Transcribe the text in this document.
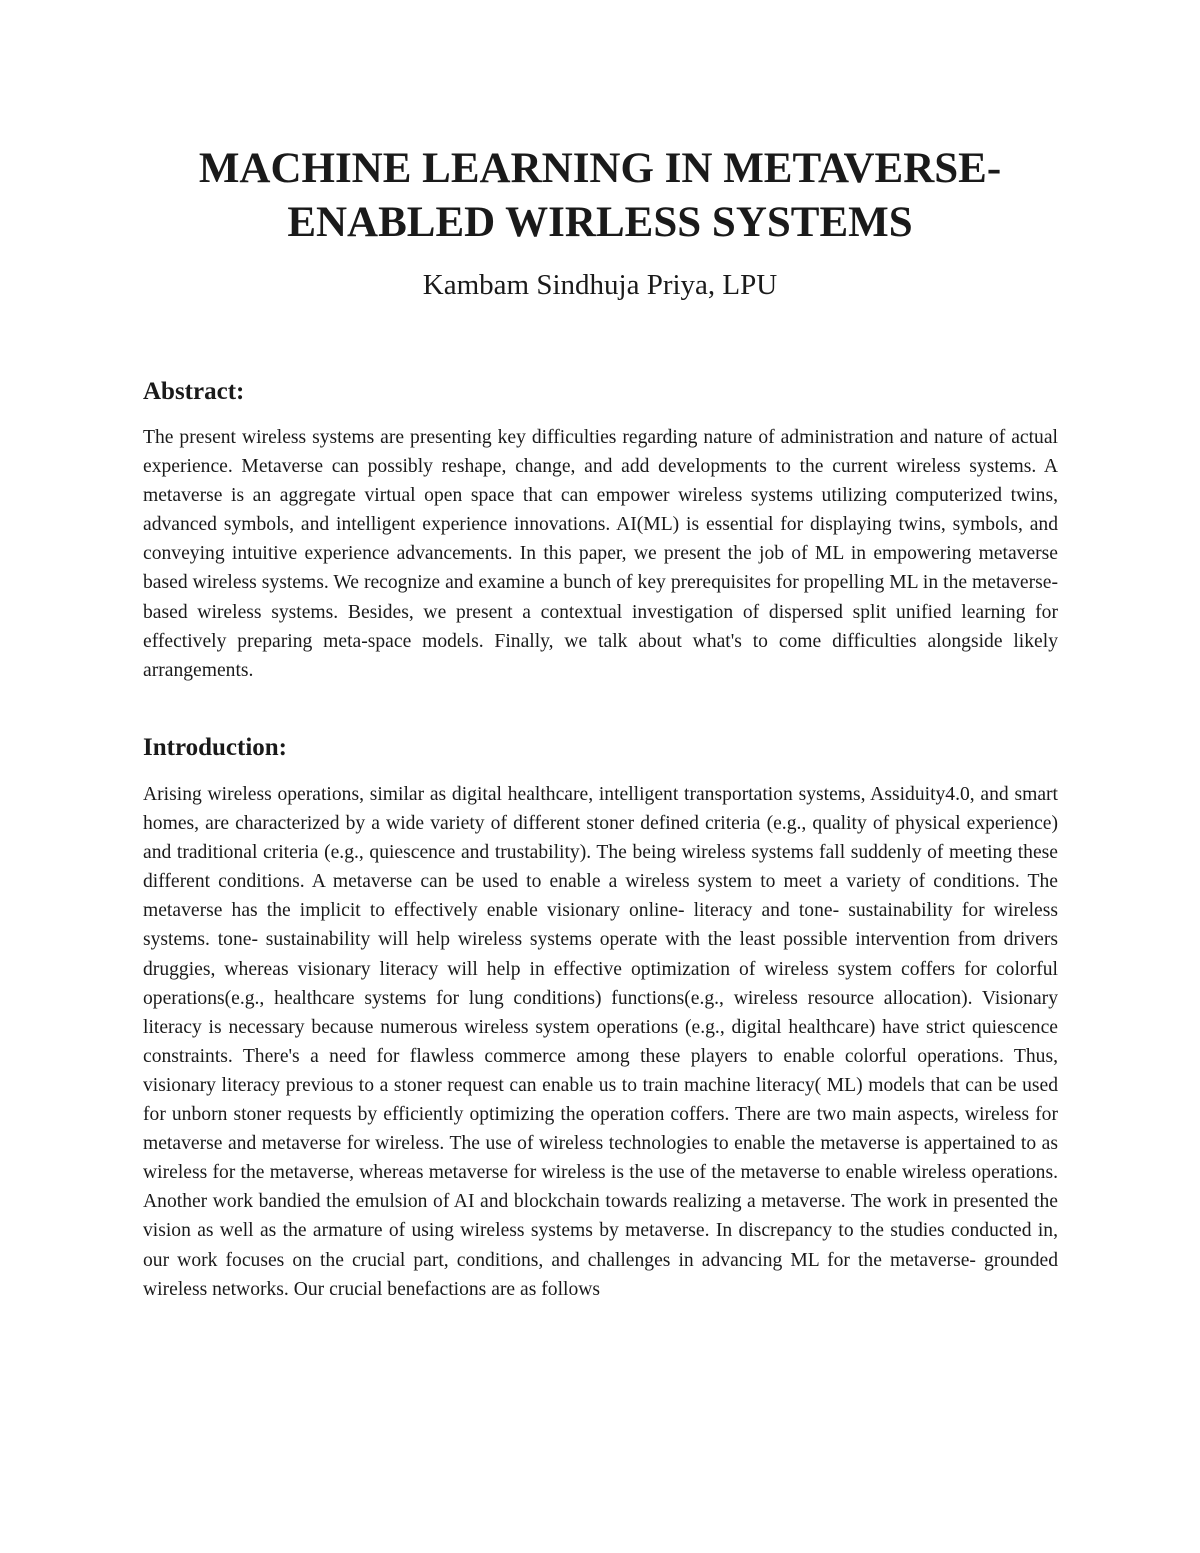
MACHINE LEARNING IN METAVERSE-
ENABLED WIRLESS SYSTEMS

Kambam Sindhuja Priya, LPU

Abstract:

The present wireless systems are presenting key difficulties regarding nature of administration and nature of actual experience. Metaverse can possibly reshape, change, and add developments to the current wireless systems. A metaverse is an aggregate virtual open space that can empower wireless systems utilizing computerized twins, advanced symbols, and intelligent experience innovations. AI(ML) is essential for displaying twins, symbols, and conveying intuitive experience advancements. In this paper, we present the job of ML in empowering metaverse based wireless systems. We recognize and examine a bunch of key prerequisites for propelling ML in the metaverse-based wireless systems. Besides, we present a contextual investigation of dispersed split unified learning for effectively preparing meta-space models. Finally, we talk about what's to come difficulties alongside likely arrangements.

Introduction:

Arising wireless operations, similar as digital healthcare, intelligent transportation systems, Assiduity4.0, and smart homes, are characterized by a wide variety of different stoner defined criteria (e.g., quality of physical experience) and traditional criteria (e.g., quiescence and trustability). The being wireless systems fall suddenly of meeting these different conditions. A metaverse can be used to enable a wireless system to meet a variety of conditions. The metaverse has the implicit to effectively enable visionary online- literacy and tone- sustainability for wireless systems. tone- sustainability will help wireless systems operate with the least possible intervention from drivers druggies, whereas visionary literacy will help in effective optimization of wireless system coffers for colorful operations(e.g., healthcare systems for lung conditions) functions(e.g., wireless resource allocation). Visionary literacy is necessary because numerous wireless system operations (e.g., digital healthcare) have strict quiescence constraints. There's a need for flawless commerce among these players to enable colorful operations. Thus, visionary literacy previous to a stoner request can enable us to train machine literacy( ML) models that can be used for unborn stoner requests by efficiently optimizing the operation coffers. There are two main aspects, wireless for metaverse and metaverse for wireless. The use of wireless technologies to enable the metaverse is appertained to as wireless for the metaverse, whereas metaverse for wireless is the use of the metaverse to enable wireless operations. Another work bandied the emulsion of AI and blockchain towards realizing a metaverse. The work in presented the vision as well as the armature of using wireless systems by metaverse. In discrepancy to the studies conducted in, our work focuses on the crucial part, conditions, and challenges in advancing ML for the metaverse- grounded wireless networks. Our crucial benefactions are as follows
